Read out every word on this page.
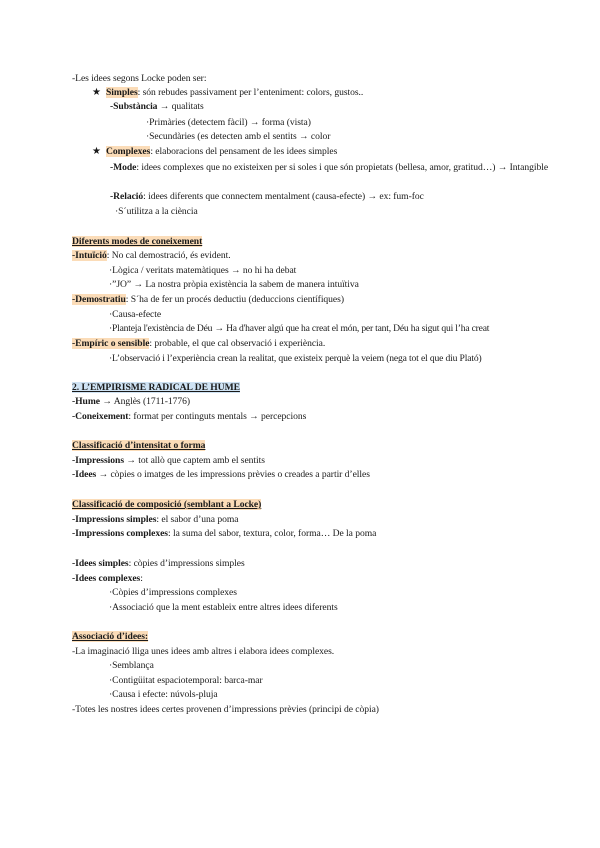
-Les idees segons Locke poden ser:
★ Simples: són rebudes passivament per l’enteniment: colors, gustos..
-Substància → qualitats
·Primàries (detectem fàcil) → forma (vista)
·Secundàries (es detecten amb el sentits → color
★ Complexes: elaboracions del pensament de les idees simples
-Mode: idees complexes que no existeixen per si soles i que són propietats (bellesa, amor, gratitud…) → Intangible
-Relació: idees diferents que connectem mentalment (causa-efecte) → ex: fum-foc
·S´utilitza a la ciència
Diferents modes de coneixement
-Intuïció: No cal demostració, és evident.
·Lògica / veritats matemàtiques → no hi ha debat
·”JO” → La nostra pròpia existència la sabem de manera intuïtiva
-Demostratiu: S´ha de fer un procés deductiu (deduccions científiques)
·Causa-efecte
·Planteja l'existència de Déu → Ha d'haver algú que ha creat el món, per tant, Déu ha sigut qui l’ha creat
-Empíric o sensible: probable, el que cal observació i experiència.
·L’observació i l’experiència crean la realitat, que existeix perquè la veiem (nega tot el que diu Plató)
2. L’EMPIRISME RADICAL DE HUME
-Hume → Anglès (1711-1776)
-Coneixement: format per continguts mentals → percepcions
Classificació d’intensitat o forma
-Impressions → tot allò que captem amb el sentits
-Idees → còpies o imatges de les impressions prèvies o creades a partir d’elles
Classificació de composició (semblant a Locke)
-Impressions simples: el sabor d’una poma
-Impressions complexes: la suma del sabor, textura, color, forma… De la poma
-Idees simples: còpies d’impressions simples
-Idees complexes:
·Còpies d’impressions complexes
·Associació que la ment estableix entre altres idees diferents
Associació d’idees:
-La imaginació lliga unes idees amb altres i elabora idees complexes.
·Semblança
·Contigüitat espaciotemporal: barca-mar
·Causa i efecte: núvols-pluja
-Totes les nostres idees certes provenen d’impressions prèvies (principi de còpia)
